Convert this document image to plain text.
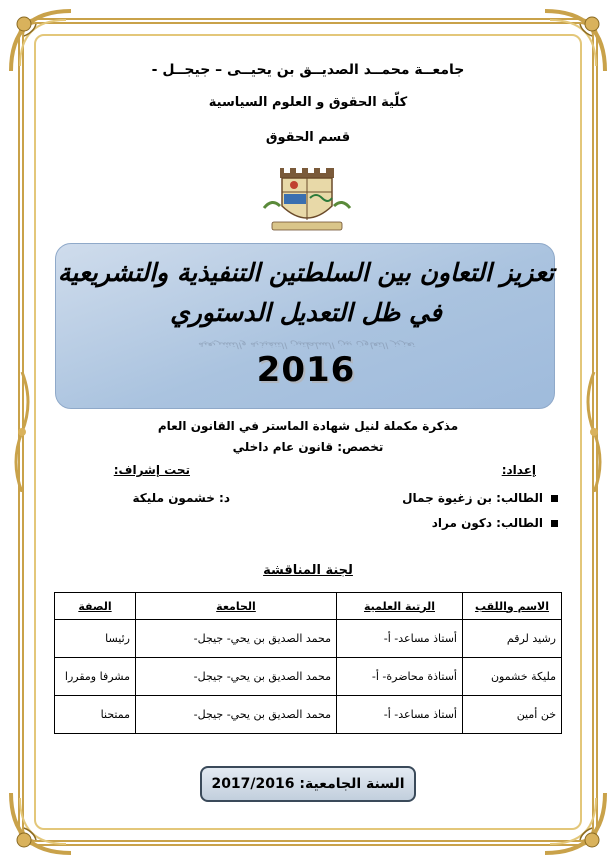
جامعــة محمــد الصديــق بن يحيــى – جيجــل -
كلّية الحقوق و العلوم السياسية
قسم الحقوق
تعزيز التعاون بين السلطتين التنفيذية والتشريعية
في ظل التعديل الدستوري
تعزيز التعاون بين السلطتين التنفيذية والتشريعية
2016
مذكرة مكملة لنيل شهادة الماستر في القانون العام
تخصص: قانون عام داخلي
إعداد:
تحت إشراف:
الطالب: بن زغيوة جمال
الطالب: دكون مراد
د: خشمون مليكة
لجنة المناقشة
الاسم واللقب	الرتبة العلمية	الجامعة	الصفة
رشيد لرقم	أستاذ مساعد- أ-	محمد الصديق بن يحي- جيجل-	رئيسا
مليكة خشمون	أستاذة محاضرة- أ-	محمد الصديق بن يحي- جيجل-	مشرفا ومقررا
خن أمين	أستاذ مساعد- أ-	محمد الصديق بن يحي- جيجل-	ممتحنا
السنة الجامعية: 2017/2016
